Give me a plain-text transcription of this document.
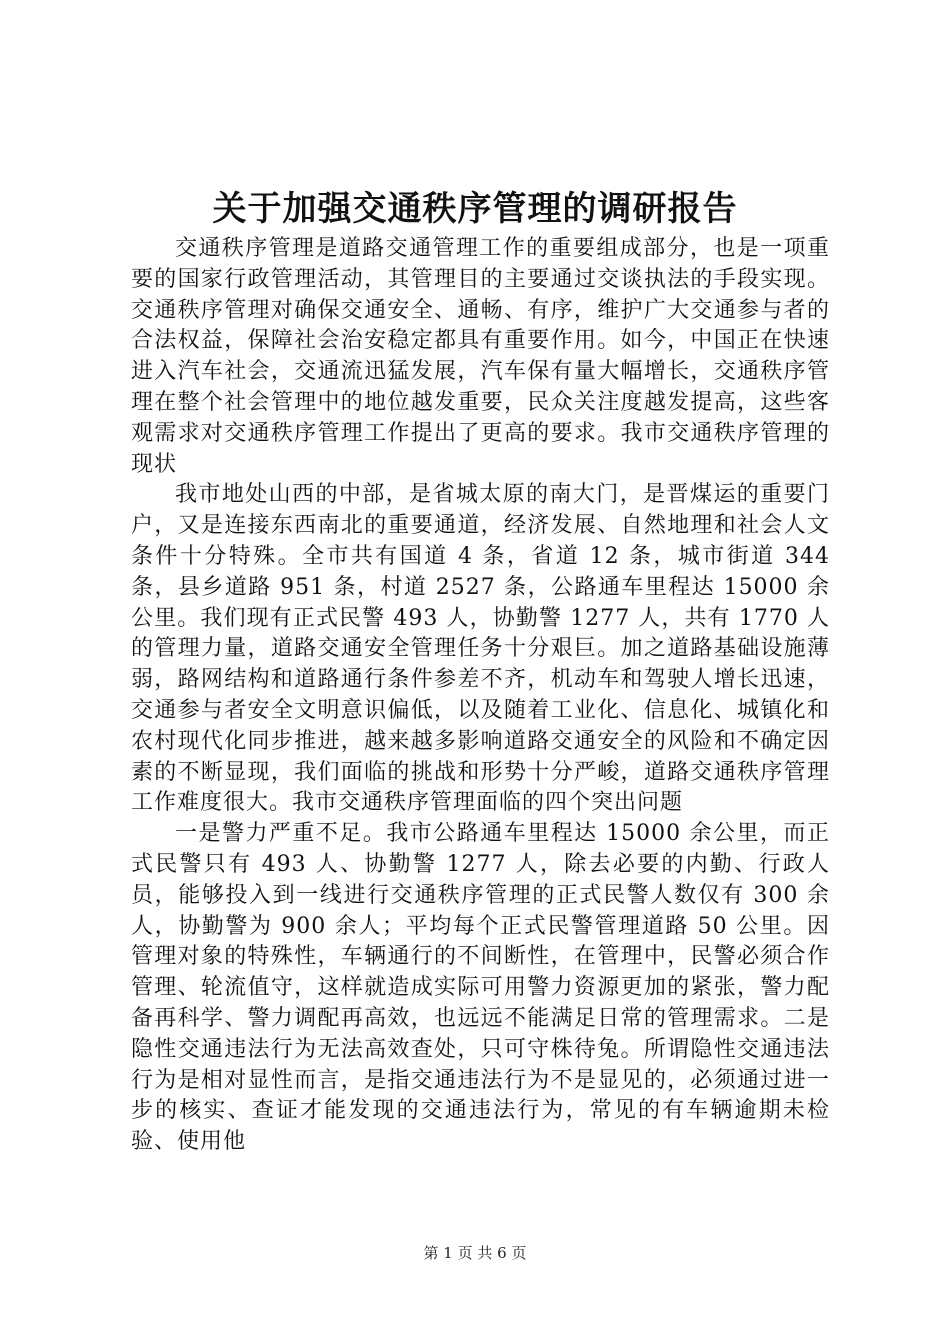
关于加强交通秩序管理的调研报告

交通秩序管理是道路交通管理工作的重要组成部分，也是一项重要的国家行政管理活动，其管理目的主要通过交谈执法的手段实现。交通秩序管理对确保交通安全、通畅、有序，维护广大交通参与者的合法权益，保障社会治安稳定都具有重要作用。如今，中国正在快速进入汽车社会，交通流迅猛发展，汽车保有量大幅增长，交通秩序管理在整个社会管理中的地位越发重要，民众关注度越发提高，这些客观需求对交通秩序管理工作提出了更高的要求。我市交通秩序管理的现状

我市地处山西的中部，是省城太原的南大门，是晋煤运的重要门户，又是连接东西南北的重要通道，经济发展、自然地理和社会人文条件十分特殊。全市共有国道 4 条，省道 12 条，城市街道 344 条，县乡道路 951 条，村道 2527 条，公路通车里程达 15000 余公里。我们现有正式民警 493 人，协勤警 1277 人，共有 1770 人的管理力量，道路交通安全管理任务十分艰巨。加之道路基础设施薄弱，路网结构和道路通行条件参差不齐，机动车和驾驶人增长迅速，交通参与者安全文明意识偏低，以及随着工业化、信息化、城镇化和农村现代化同步推进，越来越多影响道路交通安全的风险和不确定因素的不断显现，我们面临的挑战和形势十分严峻，道路交通秩序管理工作难度很大。我市交通秩序管理面临的四个突出问题

一是警力严重不足。我市公路通车里程达 15000 余公里，而正式民警只有 493 人、协勤警 1277 人，除去必要的内勤、行政人员，能够投入到一线进行交通秩序管理的正式民警人数仅有 300 余人，协勤警为 900 余人；平均每个正式民警管理道路 50 公里。因管理对象的特殊性，车辆通行的不间断性，在管理中，民警必须合作管理、轮流值守，这样就造成实际可用警力资源更加的紧张，警力配备再科学、警力调配再高效，也远远不能满足日常的管理需求。二是隐性交通违法行为无法高效查处，只可守株待兔。所谓隐性交通违法行为是相对显性而言，是指交通违法行为不是显见的，必须通过进一步的核实、查证才能发现的交通违法行为，常见的有车辆逾期未检验、使用他

第 1 页 共 6 页
